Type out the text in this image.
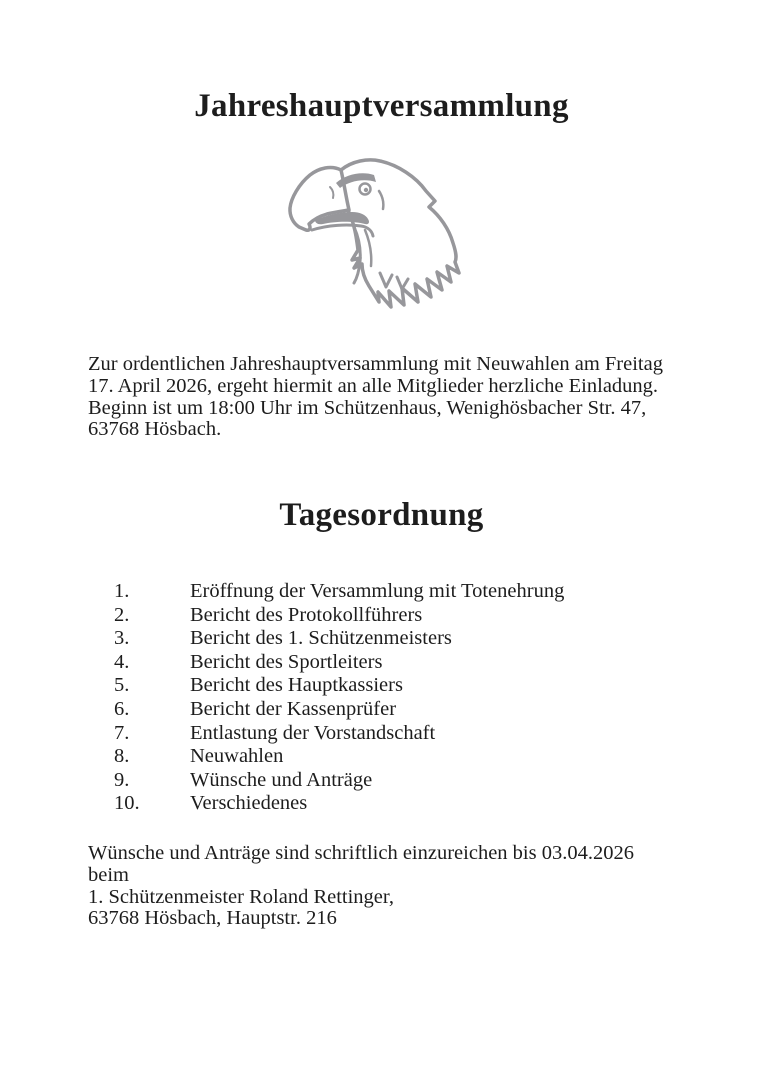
Jahreshauptversammlung
Zur ordentlichen Jahreshauptversammlung mit Neuwahlen am Freitag
17. April 2026, ergeht hiermit an alle Mitglieder herzliche Einladung.
Beginn ist um 18:00 Uhr im Schützenhaus, Wenighösbacher Str. 47,
63768 Hösbach.
Tagesordnung
1.	Eröffnung der Versammlung mit Totenehrung
2.	Bericht des Protokollführers
3.	Bericht des 1. Schützenmeisters
4.	Bericht des Sportleiters
5.	Bericht des Hauptkassiers
6.	Bericht der Kassenprüfer
7.	Entlastung der Vorstandschaft
8.	Neuwahlen
9.	Wünsche und Anträge
10.	Verschiedenes
Wünsche und Anträge sind schriftlich einzureichen bis 03.04.2026
beim
1. Schützenmeister Roland Rettinger,
63768 Hösbach, Hauptstr. 216
